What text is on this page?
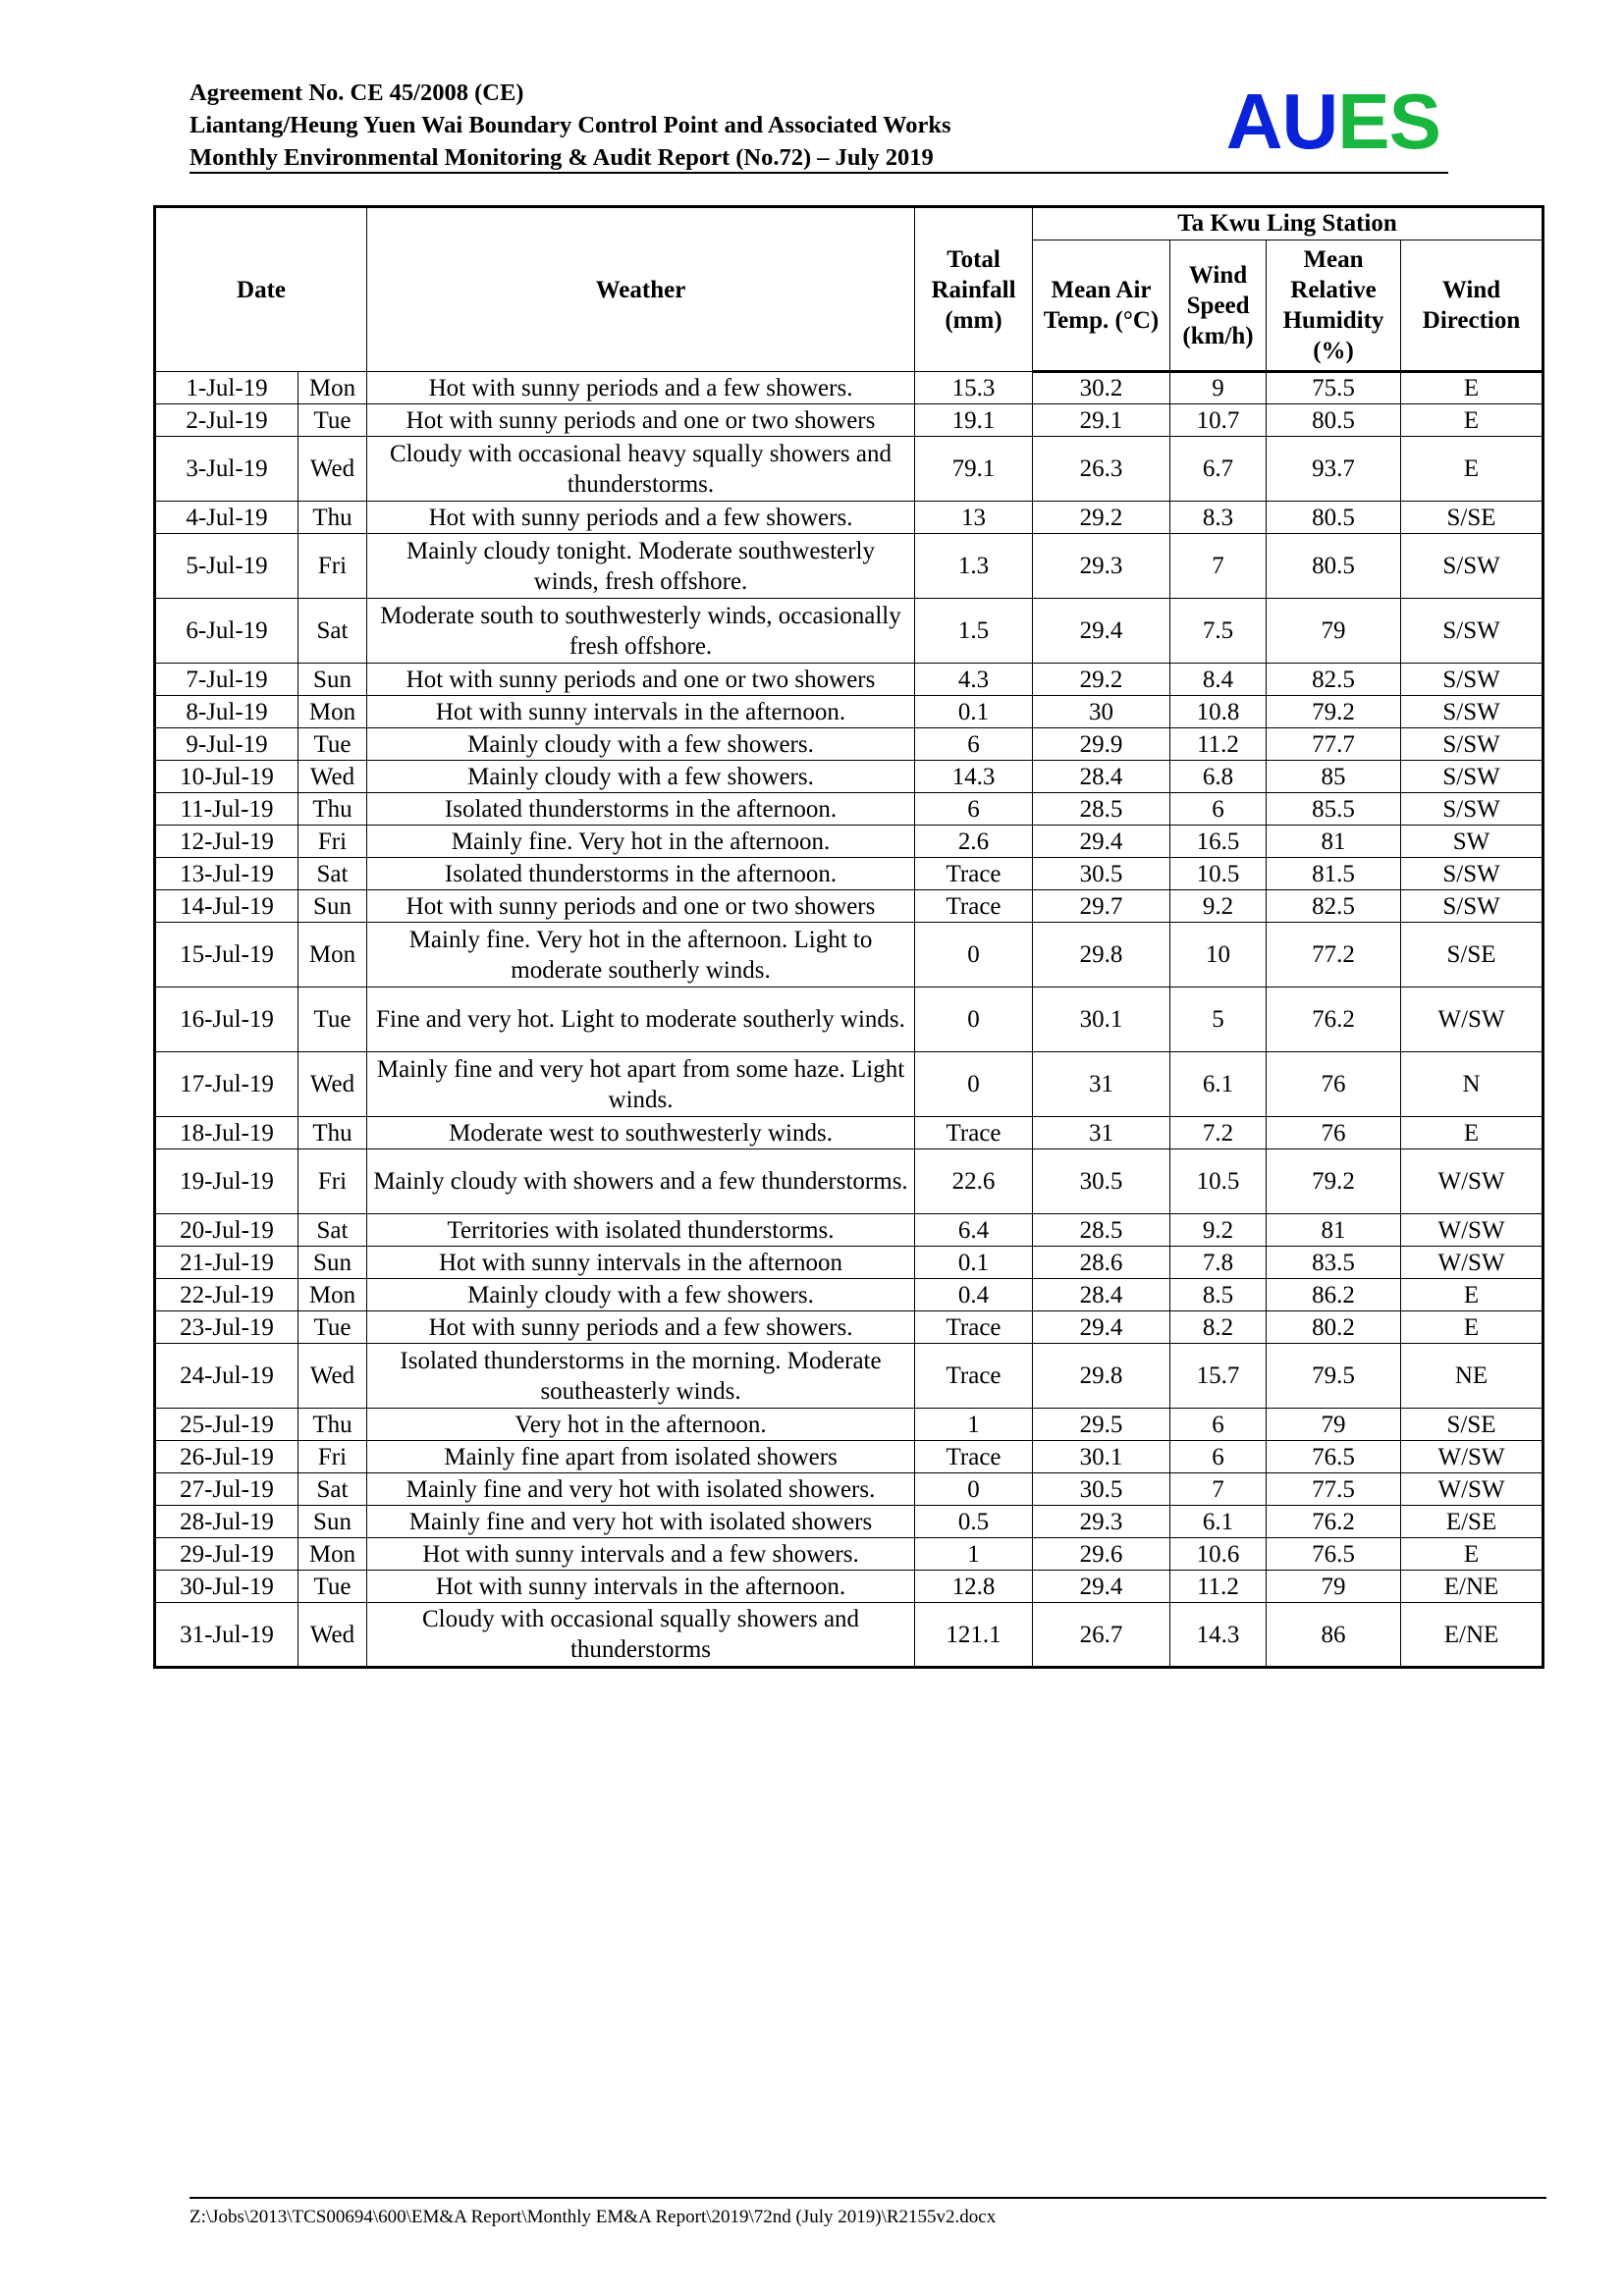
Agreement No. CE 45/2008 (CE)
Liantang/Heung Yuen Wai Boundary Control Point and Associated Works
Monthly Environmental Monitoring & Audit Report (No.72) – July 2019	AUES
Date		Weather	Total Rainfall (mm)	Ta Kwu Ling Station			
				Mean Air Temp. (°C)	Wind Speed (km/h)	Mean Relative Humidity (%)	Wind Direction
1-Jul-19	Mon	Hot with sunny periods and a few showers.	15.3	30.2	9	75.5	E
2-Jul-19	Tue	Hot with sunny periods and one or two showers	19.1	29.1	10.7	80.5	E
3-Jul-19	Wed	Cloudy with occasional heavy squally showers and thunderstorms.	79.1	26.3	6.7	93.7	E
4-Jul-19	Thu	Hot with sunny periods and a few showers.	13	29.2	8.3	80.5	S/SE
5-Jul-19	Fri	Mainly cloudy tonight. Moderate southwesterly winds, fresh offshore.	1.3	29.3	7	80.5	S/SW
6-Jul-19	Sat	Moderate south to southwesterly winds, occasionally fresh offshore.	1.5	29.4	7.5	79	S/SW
7-Jul-19	Sun	Hot with sunny periods and one or two showers	4.3	29.2	8.4	82.5	S/SW
8-Jul-19	Mon	Hot with sunny intervals in the afternoon.	0.1	30	10.8	79.2	S/SW
9-Jul-19	Tue	Mainly cloudy with a few showers.	6	29.9	11.2	77.7	S/SW
10-Jul-19	Wed	Mainly cloudy with a few showers.	14.3	28.4	6.8	85	S/SW
11-Jul-19	Thu	Isolated thunderstorms in the afternoon.	6	28.5	6	85.5	S/SW
12-Jul-19	Fri	Mainly fine. Very hot in the afternoon.	2.6	29.4	16.5	81	SW
13-Jul-19	Sat	Isolated thunderstorms in the afternoon.	Trace	30.5	10.5	81.5	S/SW
14-Jul-19	Sun	Hot with sunny periods and one or two showers	Trace	29.7	9.2	82.5	S/SW
15-Jul-19	Mon	Mainly fine. Very hot in the afternoon. Light to moderate southerly winds.	0	29.8	10	77.2	S/SE
16-Jul-19	Tue	Fine and very hot. Light to moderate southerly winds.	0	30.1	5	76.2	W/SW
17-Jul-19	Wed	Mainly fine and very hot apart from some haze. Light winds.	0	31	6.1	76	N
18-Jul-19	Thu	Moderate west to southwesterly winds.	Trace	31	7.2	76	E
19-Jul-19	Fri	Mainly cloudy with showers and a few thunderstorms.	22.6	30.5	10.5	79.2	W/SW
20-Jul-19	Sat	Territories with isolated thunderstorms.	6.4	28.5	9.2	81	W/SW
21-Jul-19	Sun	Hot with sunny intervals in the afternoon	0.1	28.6	7.8	83.5	W/SW
22-Jul-19	Mon	Mainly cloudy with a few showers.	0.4	28.4	8.5	86.2	E
23-Jul-19	Tue	Hot with sunny periods and a few showers.	Trace	29.4	8.2	80.2	E
24-Jul-19	Wed	Isolated thunderstorms in the morning. Moderate southeasterly winds.	Trace	29.8	15.7	79.5	NE
25-Jul-19	Thu	Very hot in the afternoon.	1	29.5	6	79	S/SE
26-Jul-19	Fri	Mainly fine apart from isolated showers	Trace	30.1	6	76.5	W/SW
27-Jul-19	Sat	Mainly fine and very hot with isolated showers.	0	30.5	7	77.5	W/SW
28-Jul-19	Sun	Mainly fine and very hot with isolated showers	0.5	29.3	6.1	76.2	E/SE
29-Jul-19	Mon	Hot with sunny intervals and a few showers.	1	29.6	10.6	76.5	E
30-Jul-19	Tue	Hot with sunny intervals in the afternoon.	12.8	29.4	11.2	79	E/NE
31-Jul-19	Wed	Cloudy with occasional squally showers and thunderstorms	121.1	26.7	14.3	86	E/NE
Z:\Jobs\2013\TCS00694\600\EM&A Report\Monthly EM&A Report\2019\72nd (July 2019)\R2155v2.docx
